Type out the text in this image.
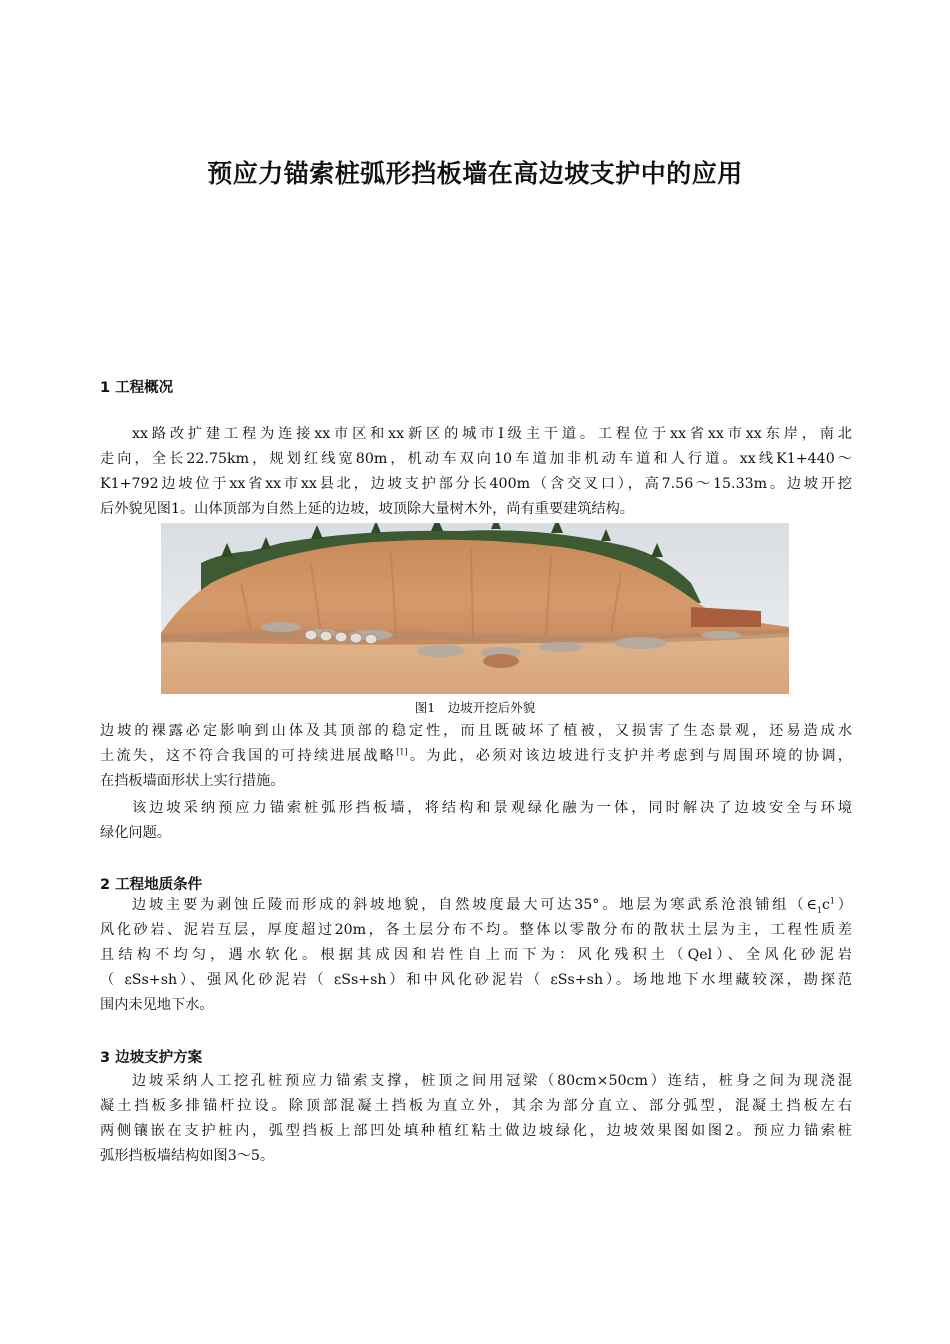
预应力锚索桩弧形挡板墙在高边坡支护中的应用
1 工程概况
xx路改扩建工程为连接xx市区和xx新区的城市Ⅰ级主干道。工程位于xx省xx市xx东岸，南北
走向，全长22.75km，规划红线宽80m，机动车双向10车道加非机动车道和人行道。xx线K1+440～
K1+792边坡位于xx省xx市xx县北，边坡支护部分长400m（含交叉口），高7.56～15.33m。边坡开挖
后外貌见图1。山体顶部为自然上延的边坡，坡顶除大量树木外，尚有重要建筑结构。

图1　边坡开挖后外貌

边坡的裸露必定影响到山体及其顶部的稳定性，而且既破坏了植被，又损害了生态景观，还易造成水
土流失，这不符合我国的可持续进展战略[1]。为此，必须对该边坡进行支护并考虑到与周围环境的协调，
在挡板墙面形状上实行措施。
该边坡采纳预应力锚索桩弧形挡板墙，将结构和景观绿化融为一体，同时解决了边坡安全与环境
绿化问题。
2 工程地质条件
边坡主要为剥蚀丘陵而形成的斜坡地貌，自然坡度最大可达35°。地层为寒武系沧浪铺组$(\in_1c^1)$
风化砂岩、泥岩互层，厚度超过20m，各土层分布不均。整体以零散分布的散状土层为主，工程性质差
且结构不均匀，遇水软化。根据其成因和岩性自上而下为：风化残积土（Qel）、全风化砂泥岩
（ εSs+sh）、强风化砂泥岩（ εSs+sh）和中风化砂泥岩（ εSs+sh）。场地地下水埋藏较深，勘探范
围内未见地下水。
3 边坡支护方案
边坡采纳人工挖孔桩预应力锚索支撑，桩顶之间用冠梁（80cm×50cm）连结，桩身之间为现浇混
凝土挡板多排锚杆拉设。除顶部混凝土挡板为直立外，其余为部分直立、部分弧型，混凝土挡板左右
两侧镶嵌在支护桩内，弧型挡板上部凹处填种植红粘土做边坡绿化，边坡效果图如图2。预应力锚索桩
弧形挡板墙结构如图3～5。
